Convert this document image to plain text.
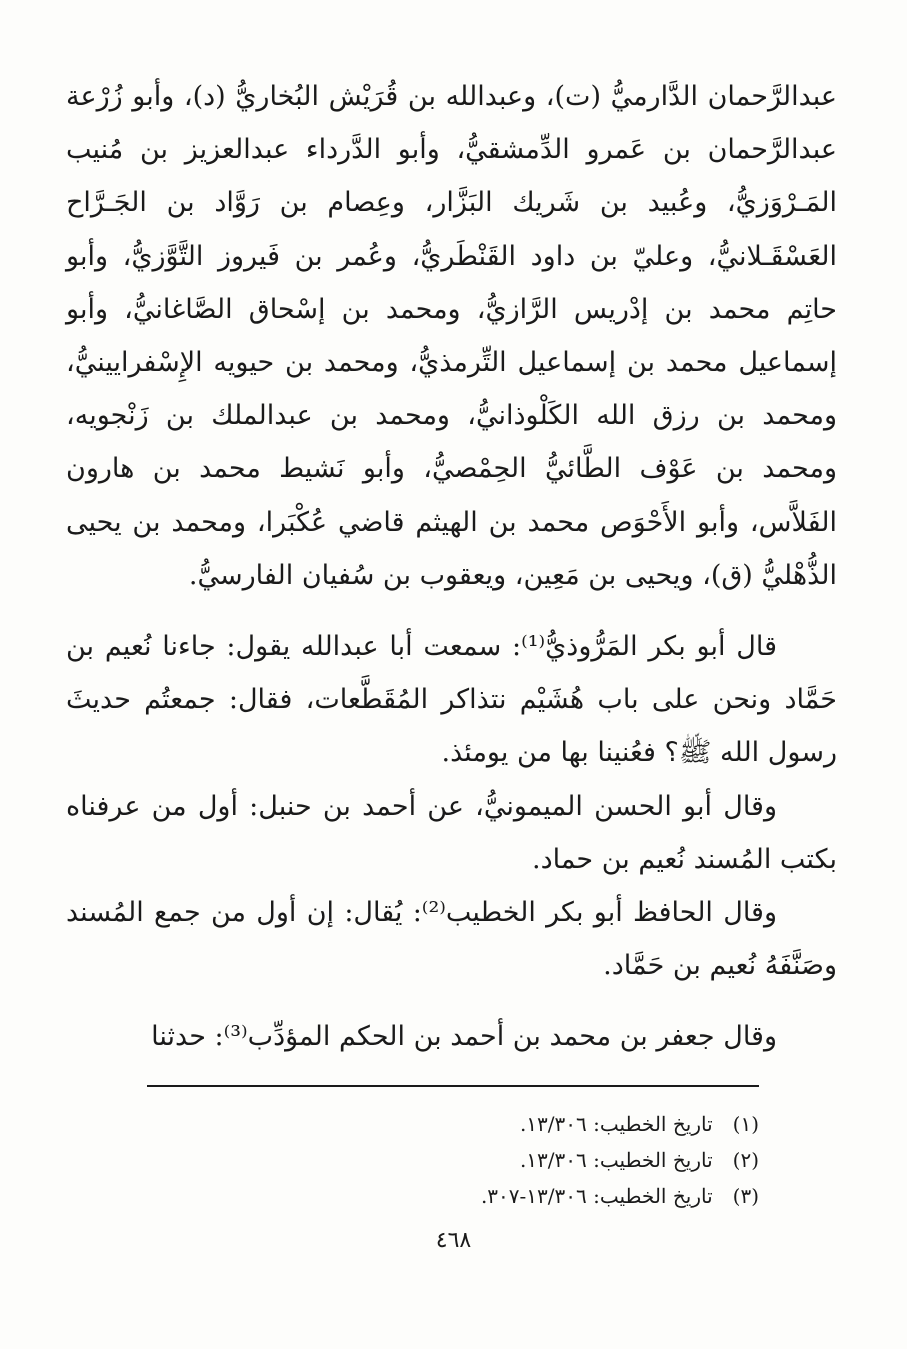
عبدالرَّحمان الدَّارميُّ (ت)، وعبدالله بن قُرَيْش البُخاريُّ (د)، وأبو زُرْعة عبدالرَّحمان بن عَمرو الدِّمشقيُّ، وأبو الدَّرداء عبدالعزيز بن مُنيب المَـرْوَزيُّ، وعُبيد بن شَريك البَزَّار، وعِصام بن رَوَّاد بن الجَـرَّاح العَسْقَـلانيُّ، وعليّ بن داود القَنْطَريُّ، وعُمر بن فَيروز التَّوَّزيُّ، وأبو حاتِم محمد بن إدْريس الرَّازيُّ، ومحمد بن إسْحاق الصَّاغانيُّ، وأبو إسماعيل محمد بن إسماعيل التِّرمذيُّ، ومحمد بن حيويه الإِسْفرايينيُّ، ومحمد بن رزق الله الكَلْوذانيُّ، ومحمد بن عبدالملك بن زَنْجويه، ومحمد بن عَوْف الطَّائيُّ الحِمْصيُّ، وأبو نَشيط محمد بن هارون الفَلاَّس، وأبو الأَحْوَص محمد بن الهيثم قاضي عُكْبَرا، ومحمد بن يحيى الذُّهْليُّ (ق)، ويحيى بن مَعِين، ويعقوب بن سُفيان الفارسيُّ.

قال أبو بكر المَرُّوذيُّ⁽¹⁾: سمعت أبا عبدالله يقول: جاءنا نُعيم بن حَمَّاد ونحن على باب هُشَيْم نتذاكر المُقَطَّعات، فقال: جمعتُم حديثَ رسول الله ﷺ؟ فعُنينا بها من يومئذ.

وقال أبو الحسن الميمونيُّ، عن أحمد بن حنبل: أول من عرفناه بكتب المُسند نُعيم بن حماد.

وقال الحافظ أبو بكر الخطيب⁽²⁾: يُقال: إن أول من جمع المُسند وصَنَّفَهُ نُعيم بن حَمَّاد.

وقال جعفر بن محمد بن أحمد بن الحكم المؤدِّب⁽³⁾: حدثنا

(١) تاريخ الخطيب: ١٣/٣٠٦.

(٢) تاريخ الخطيب: ١٣/٣٠٦.

(٣) تاريخ الخطيب: ١٣/٣٠٦-٣٠٧.

٤٦٨
